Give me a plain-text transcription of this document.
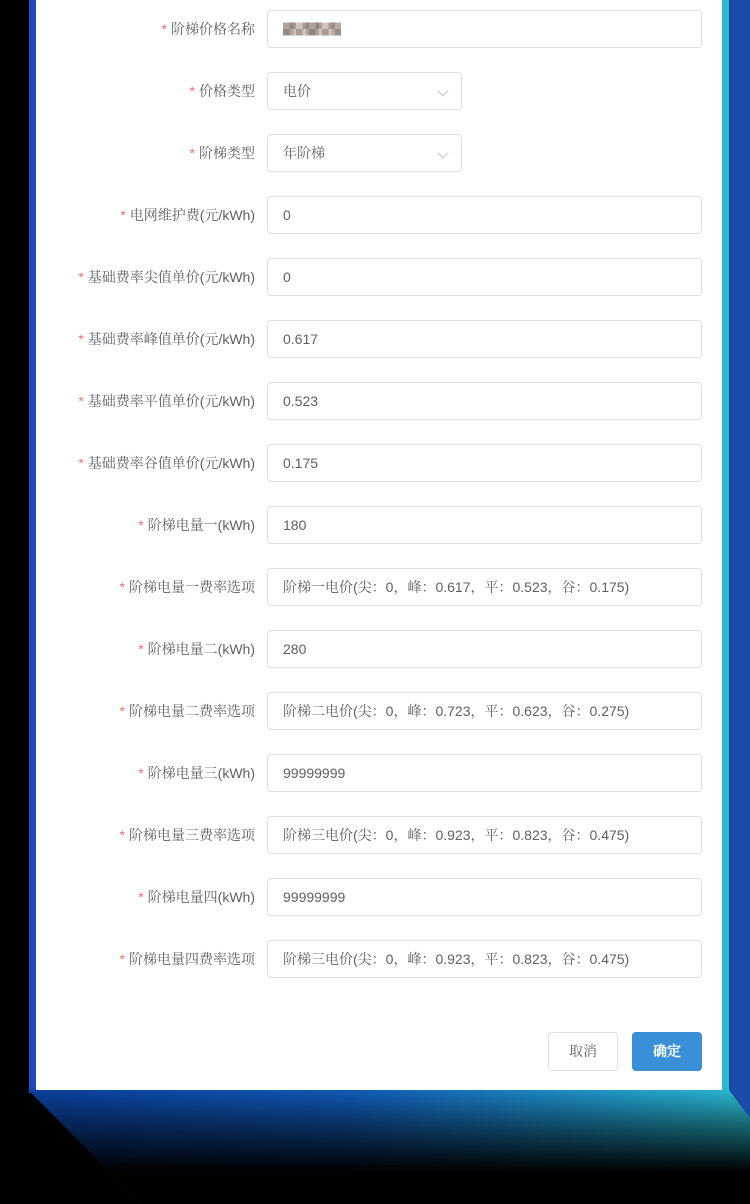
* 阶梯价格名称
* 价格类型	电价
* 阶梯类型	年阶梯
* 电网维护费(元/kWh)
0
* 基础费率尖值单价(元/kWh)
0
* 基础费率峰值单价(元/kWh)
0.617
* 基础费率平值单价(元/kWh)
0.523
* 基础费率谷值单价(元/kWh)
0.175
* 阶梯电量一(kWh)
180
* 阶梯电量一费率选项
阶梯一电价(尖：0，峰：0.617，平：0.523，谷：0.175)
* 阶梯电量二(kWh)
280
* 阶梯电量二费率选项
阶梯二电价(尖：0，峰：0.723，平：0.623，谷：0.275)
* 阶梯电量三(kWh)
99999999
* 阶梯电量三费率选项
阶梯三电价(尖：0，峰：0.923，平：0.823，谷：0.475)
* 阶梯电量四(kWh)
99999999
* 阶梯电量四费率选项
阶梯三电价(尖：0，峰：0.923，平：0.823，谷：0.475)
取消	确定
